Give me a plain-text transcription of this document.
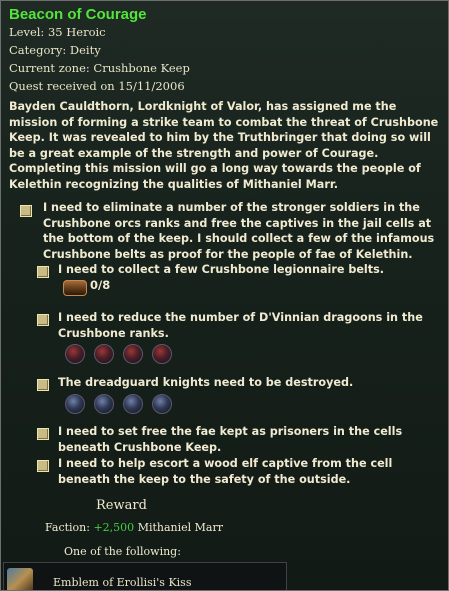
Beacon of Courage
Level: 35 Heroic
Category: Deity
Current zone: Crushbone Keep
Quest received on 15/11/2006
Bayden Cauldthorn, Lordknight of Valor, has assigned me the mission of forming a strike team to combat the threat of Crushbone Keep. It was revealed to him by the Truthbringer that doing so will be a great example of the strength and power of Courage. Completing this mission will go a long way towards the people of Kelethin recognizing the qualities of Mithaniel Marr.
I need to eliminate a number of the stronger soldiers in the Crushbone orcs ranks and free the captives in the jail cells at the bottom of the keep. I should collect a few of the infamous Crushbone belts as proof for the people of fae of Kelethin.
I need to collect a few Crushbone legionnaire belts.
0/8
I need to reduce the number of D'Vinnian dragoons in the Crushbone ranks.
The dreadguard knights need to be destroyed.
I need to set free the fae kept as prisoners in the cells beneath Crushbone Keep.
I need to help escort a wood elf captive from the cell beneath the keep to the safety of the outside.
Reward
Faction: +2,500 Mithaniel Marr
One of the following:
Emblem of Erollisi's Kiss
